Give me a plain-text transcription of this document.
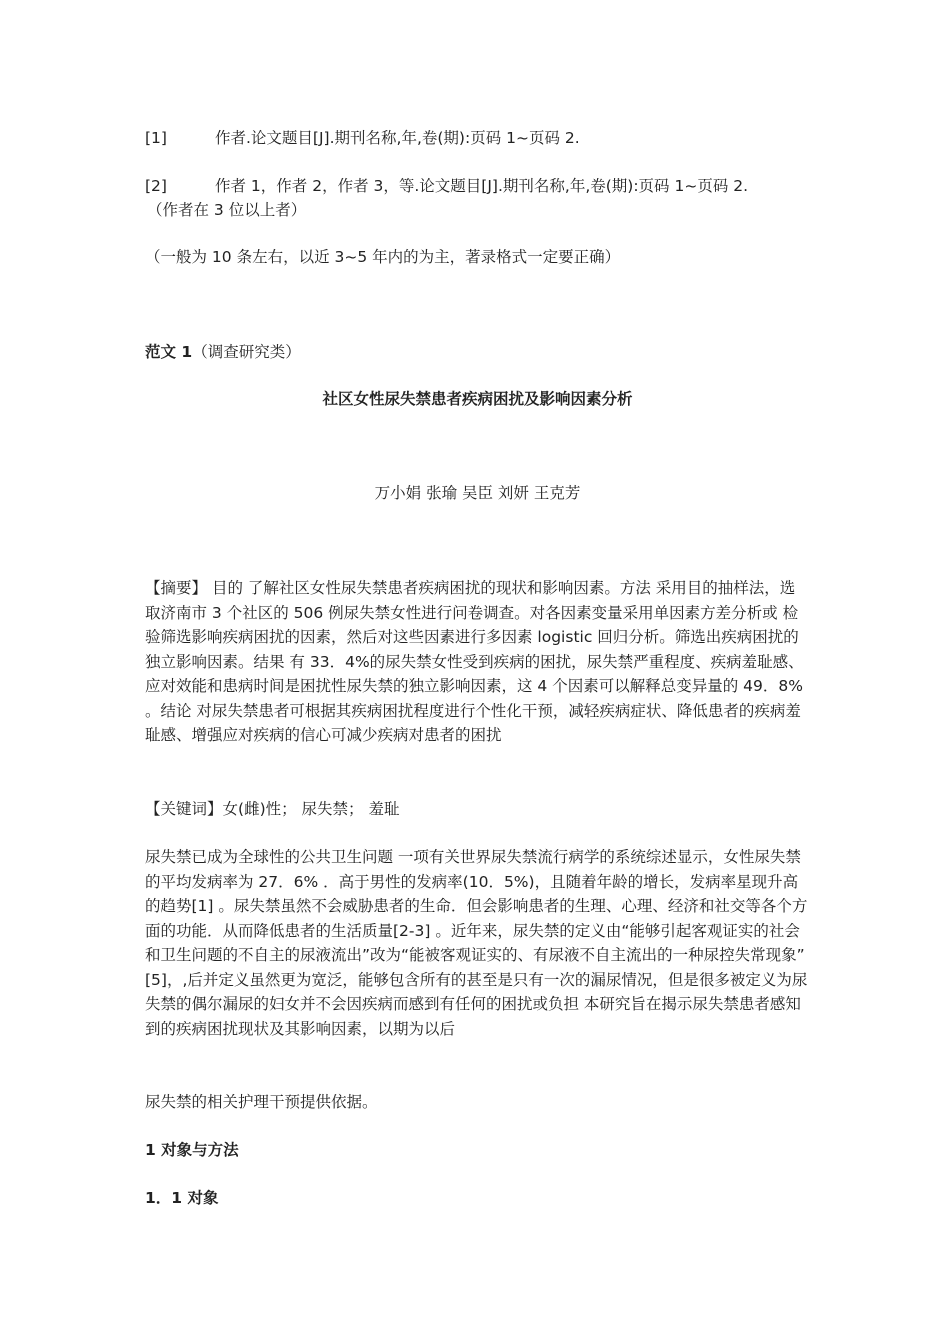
[1]	作者.论文题目[J].期刊名称,年,卷(期):页码 1~页码 2.
[2]	作者 1，作者 2，作者 3，等.论文题目[J].期刊名称,年,卷(期):页码 1~页码 2.
（作者在 3 位以上者）
（一般为 10 条左右，以近 3~5 年内的为主，著录格式一定要正确）
范文 1（调查研究类）
社区女性尿失禁患者疾病困扰及影响因素分析
万小娟 张瑜 吴臣 刘妍 王克芳
【摘要】 目的 了解社区女性尿失禁患者疾病困扰的现状和影响因素。方法 采用目的抽样法，选取济南市 3 个社区的 506 例尿失禁女性进行问卷调查。对各因素变量采用单因素方差分析或 检验筛选影响疾病困扰的因素，然后对这些因素进行多因素 logistic 回归分析。筛选出疾病困扰的独立影响因素。结果 有 33．4%的尿失禁女性受到疾病的困扰，尿失禁严重程度、疾病羞耻感、应对效能和患病时间是困扰性尿失禁的独立影响因素，这 4 个因素可以解释总变异量的 49．8% 。结论 对尿失禁患者可根据其疾病困扰程度进行个性化干预，减轻疾病症状、降低患者的疾病羞耻感、增强应对疾病的信心可减少疾病对患者的困扰
【关键词】女(雌)性； 尿失禁； 羞耻
尿失禁已成为全球性的公共卫生问题 一项有关世界尿失禁流行病学的系统综述显示，女性尿失禁的平均发病率为 27．6% ．高于男性的发病率(10．5%)，且随着年龄的增长，发病率星现升高的趋势[1] 。尿失禁虽然不会威胁患者的生命．但会影响患者的生理、心理、经济和社交等各个方面的功能．从而降低患者的生活质量[2-3] 。近年来，尿失禁的定义由“能够引起客观证实的社会和卫生问题的不自主的尿液流出”改为“能被客观证实的、有尿液不自主流出的一种尿控失常现象” [5]，,后并定义虽然更为宽泛，能够包含所有的甚至是只有一次的漏尿情况，但是很多被定义为尿失禁的偶尔漏尿的妇女并不会因疾病而感到有任何的困扰或负担 本研究旨在揭示尿失禁患者感知到的疾病困扰现状及其影响因素，以期为以后
尿失禁的相关护理干预提供依据。
1 对象与方法
1．1 对象
